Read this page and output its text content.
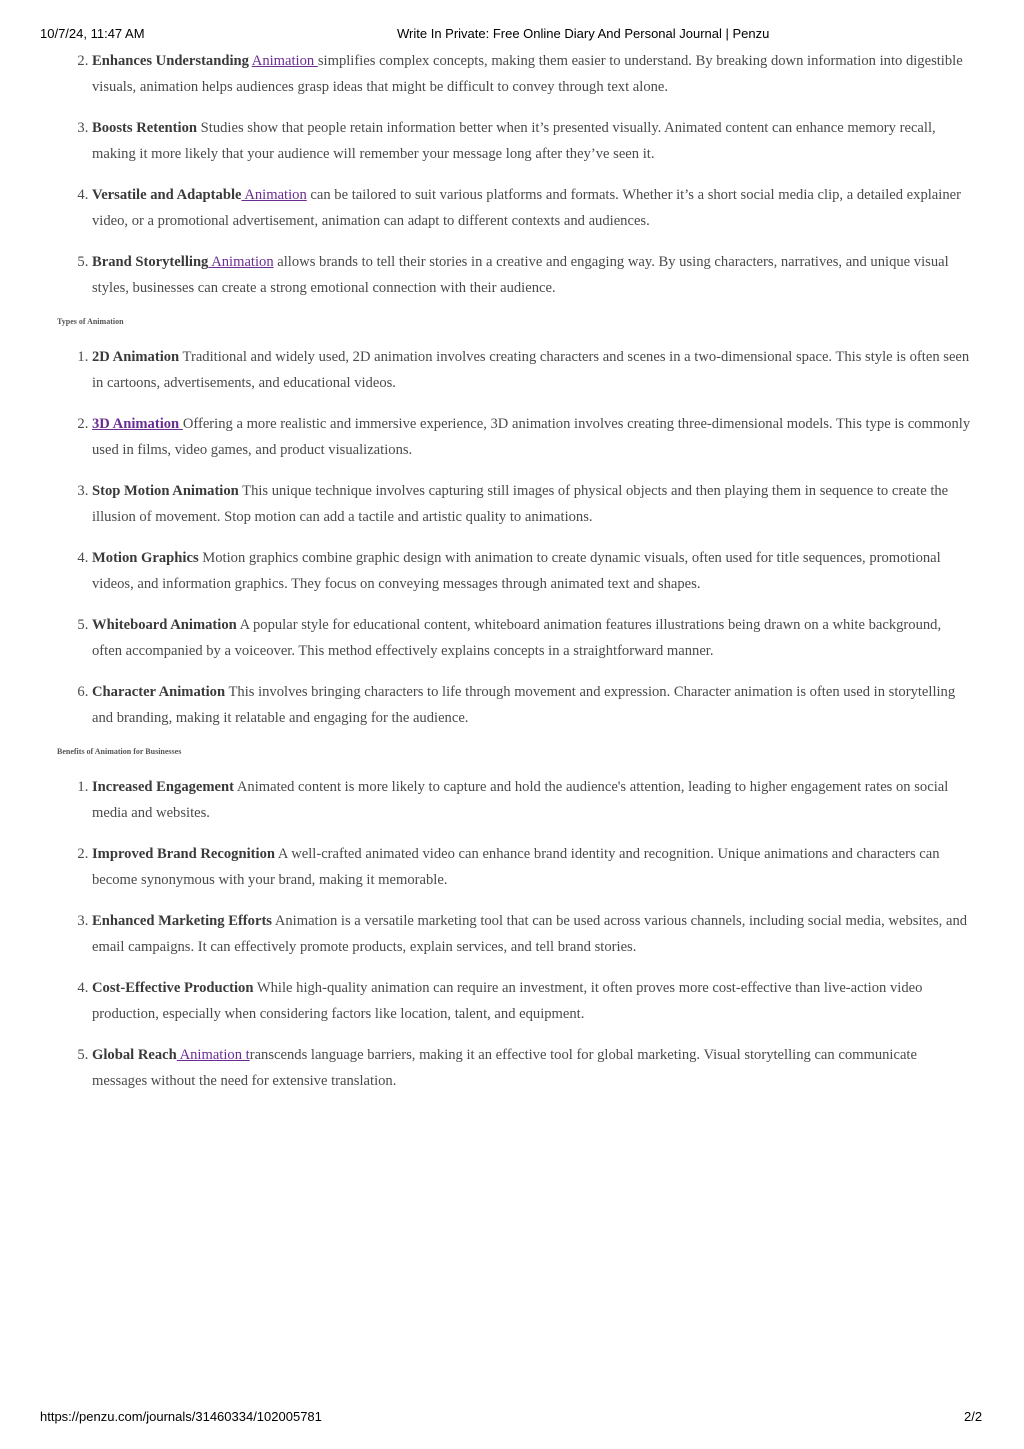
10/7/24, 11:47 AM	Write In Private: Free Online Diary And Personal Journal | Penzu
2. Enhances Understanding Animation simplifies complex concepts, making them easier to understand. By breaking down information into digestible visuals, animation helps audiences grasp ideas that might be difficult to convey through text alone.
3. Boosts Retention Studies show that people retain information better when it’s presented visually. Animated content can enhance memory recall, making it more likely that your audience will remember your message long after they’ve seen it.
4. Versatile and Adaptable Animation can be tailored to suit various platforms and formats. Whether it’s a short social media clip, a detailed explainer video, or a promotional advertisement, animation can adapt to different contexts and audiences.
5. Brand Storytelling Animation allows brands to tell their stories in a creative and engaging way. By using characters, narratives, and unique visual styles, businesses can create a strong emotional connection with their audience.
Types of Animation
1. 2D Animation Traditional and widely used, 2D animation involves creating characters and scenes in a two-dimensional space. This style is often seen in cartoons, advertisements, and educational videos.
2. 3D Animation Offering a more realistic and immersive experience, 3D animation involves creating three-dimensional models. This type is commonly used in films, video games, and product visualizations.
3. Stop Motion Animation This unique technique involves capturing still images of physical objects and then playing them in sequence to create the illusion of movement. Stop motion can add a tactile and artistic quality to animations.
4. Motion Graphics Motion graphics combine graphic design with animation to create dynamic visuals, often used for title sequences, promotional videos, and information graphics. They focus on conveying messages through animated text and shapes.
5. Whiteboard Animation A popular style for educational content, whiteboard animation features illustrations being drawn on a white background, often accompanied by a voiceover. This method effectively explains concepts in a straightforward manner.
6. Character Animation This involves bringing characters to life through movement and expression. Character animation is often used in storytelling and branding, making it relatable and engaging for the audience.
Benefits of Animation for Businesses
1. Increased Engagement Animated content is more likely to capture and hold the audience's attention, leading to higher engagement rates on social media and websites.
2. Improved Brand Recognition A well-crafted animated video can enhance brand identity and recognition. Unique animations and characters can become synonymous with your brand, making it memorable.
3. Enhanced Marketing Efforts Animation is a versatile marketing tool that can be used across various channels, including social media, websites, and email campaigns. It can effectively promote products, explain services, and tell brand stories.
4. Cost-Effective Production While high-quality animation can require an investment, it often proves more cost-effective than live-action video production, especially when considering factors like location, talent, and equipment.
5. Global Reach Animation transcends language barriers, making it an effective tool for global marketing. Visual storytelling can communicate messages without the need for extensive translation.
https://penzu.com/journals/31460334/102005781	2/2
